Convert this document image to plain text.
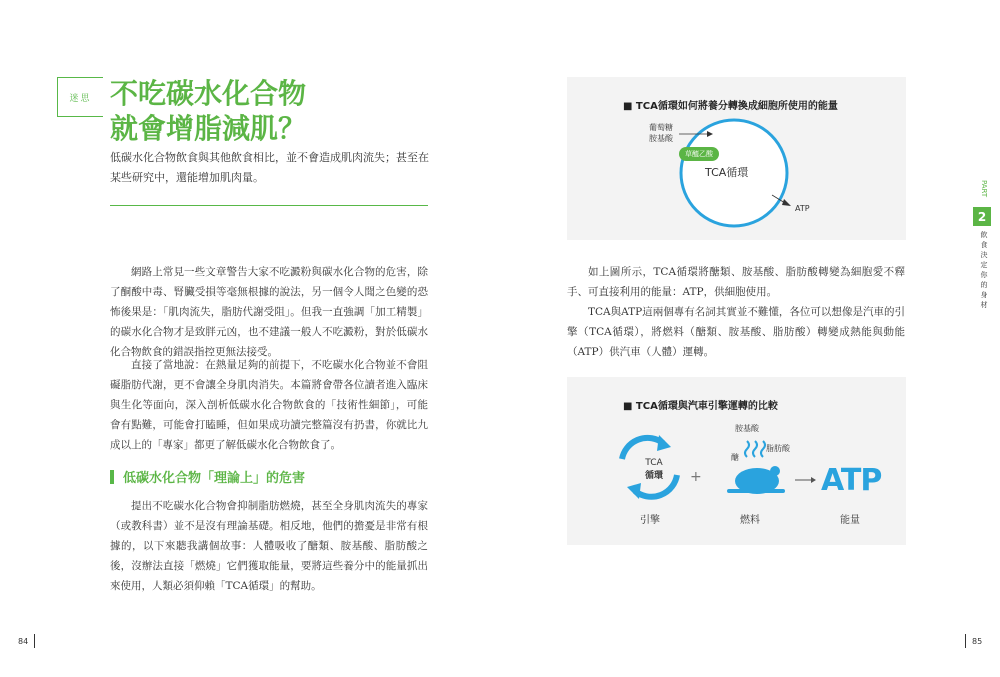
迷思 不吃碳水化合物
就會增脂減肌？
低碳水化合物飲食與其他飲食相比，並不會造成肌肉流失；甚至在某些研究中，還能增加肌肉量。
網路上常見一些文章警告大家不吃澱粉與碳水化合物的危害，除了酮酸中毒、腎臟受損等毫無根據的說法，另一個令人聞之色變的恐怖後果是：「肌肉流失，脂肪代謝受阻」。但我一直強調「加工精製」的碳水化合物才是致胖元凶，也不建議一般人不吃澱粉，對於低碳水化合物飲食的錯誤指控更無法接受。
直接了當地說：在熱量足夠的前提下，不吃碳水化合物並不會阻礙脂肪代謝，更不會讓全身肌肉消失。本篇將會帶各位讀者進入臨床與生化等面向，深入剖析低碳水化合物飲食的「技術性細節」，可能會有點難，可能會打瞌睡，但如果成功讀完整篇沒有扔書，你就比九成以上的「專家」都更了解低碳水化合物飲食了。
低碳水化合物「理論上」的危害
提出不吃碳水化合物會抑制脂肪燃燒，甚至全身肌肉流失的專家（或教科書）並不是沒有理論基礎。相反地，他們的擔憂是非常有根據的，以下來聽我講個故事：人體吸收了醣類、胺基酸、脂肪酸之後，沒辦法直接「燃燒」它們獲取能量，要將這些養分中的能量抓出來使用，人類必須仰賴「TCA循環」的幫助。
84
■ TCA循環如何將養分轉換成細胞所使用的能量
葡萄糖
胺基酸
草醯乙酸
TCA循環
ATP
如上圖所示，TCA循環將醣類、胺基酸、脂肪酸轉變為細胞愛不釋手、可直接利用的能量：ATP，供細胞使用。
TCA與ATP這兩個專有名詞其實並不難懂，各位可以想像是汽車的引擎（TCA循環），將燃料（醣類、胺基酸、脂肪酸）轉變成熱能與動能（ATP）供汽車（人體）運轉。
■ TCA循環與汽車引擎運轉的比較
TCA
循環	+
胺基酸
醣
脂肪酸
ATP
引擎	燃料	能量
PART
2
飲食決定你的身材
85
